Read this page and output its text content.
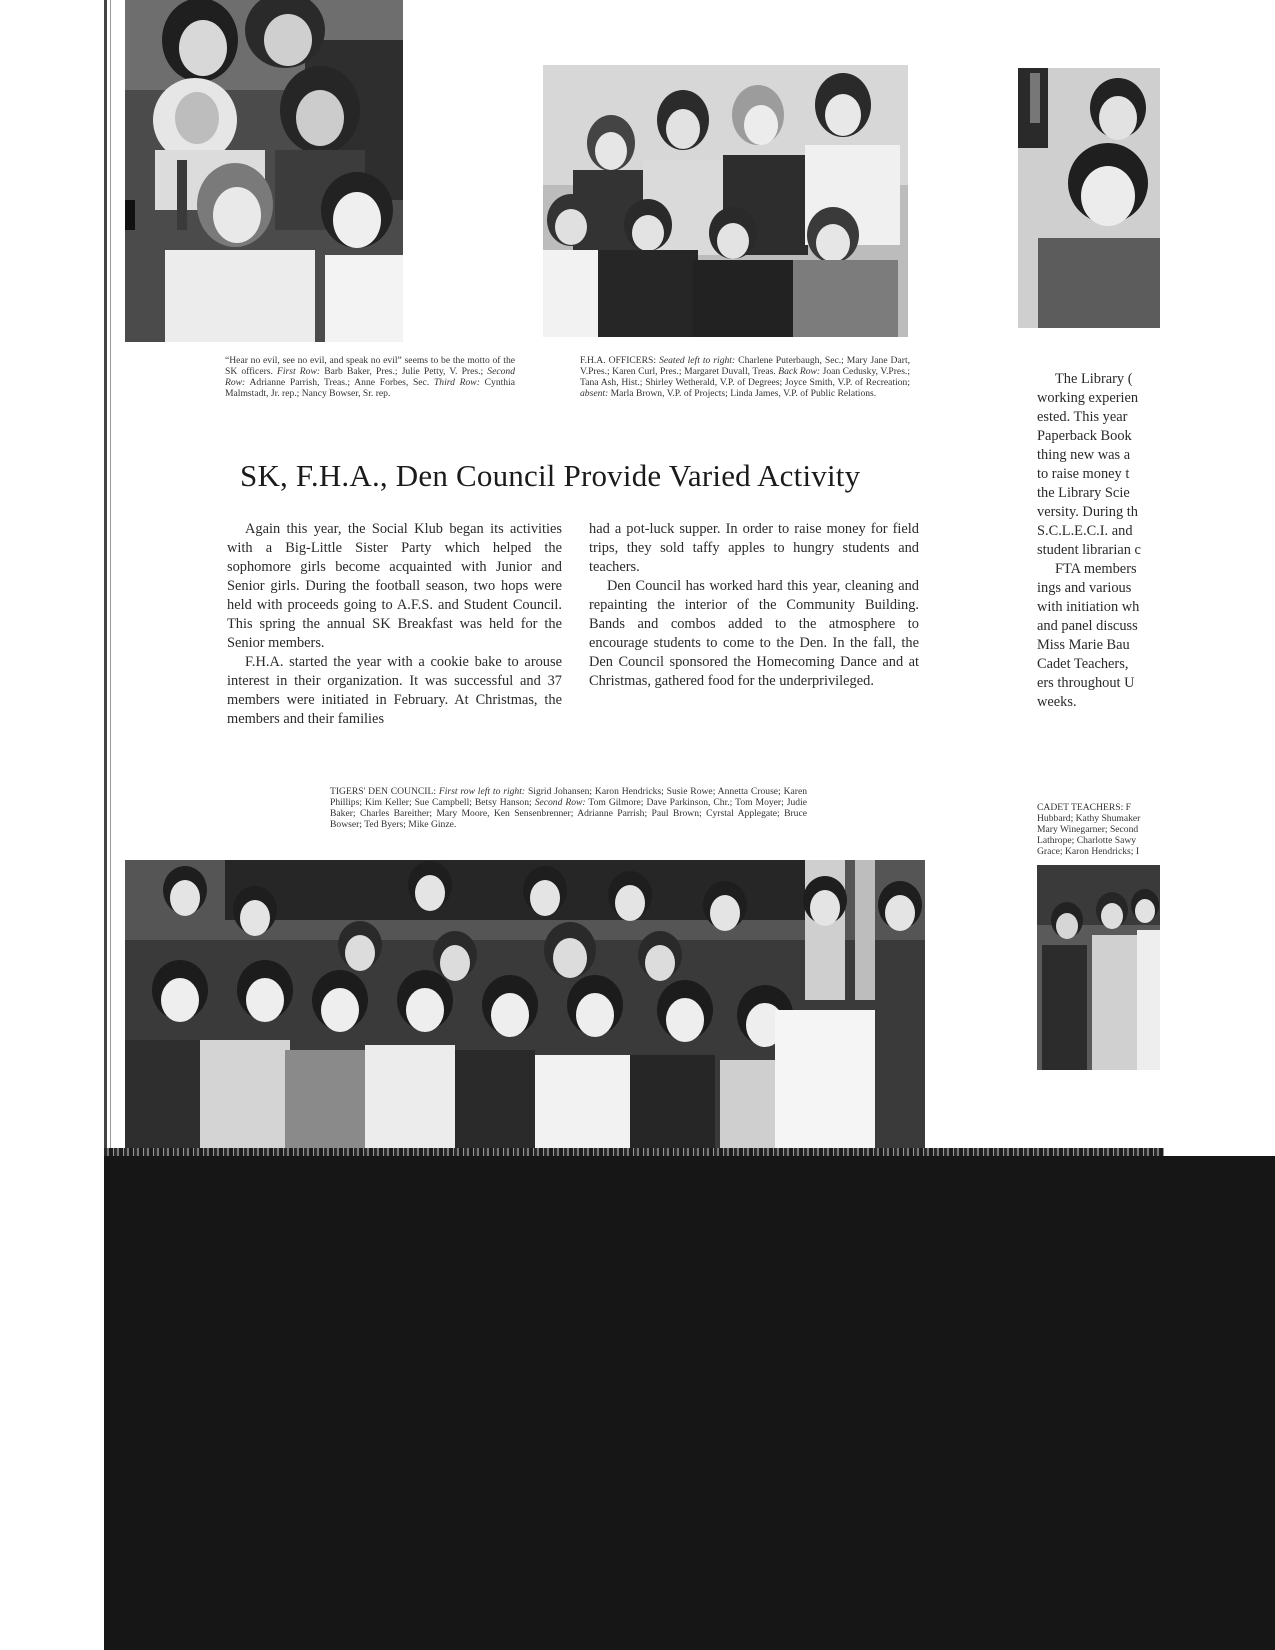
“Hear no evil, see no evil, and speak no evil” seems to be the motto of the SK officers. First Row: Barb Baker, Pres.; Julie Petty, V. Pres.; Second Row: Adrianne Parrish, Treas.; Anne Forbes, Sec. Third Row: Cynthia Malmstadt, Jr. rep.; Nancy Bowser, Sr. rep.
F.H.A. OFFICERS: Seated left to right: Charlene Puterbaugh, Sec.; Mary Jane Dart, V.Pres.; Karen Curl, Pres.; Margaret Duvall, Treas. Back Row: Joan Cedusky, V.Pres.; Tana Ash, Hist.; Shirley Wetherald, V.P. of Degrees; Joyce Smith, V.P. of Recreation; absent: Marla Brown, V.P. of Projects; Linda James, V.P. of Public Relations.
SK, F.H.A., Den Council Provide Varied Activity

Again this year, the Social Klub began its activities with a Big-Little Sister Party which helped the sophomore girls become acquainted with Junior and Senior girls. During the football season, two hops were held with proceeds going to A.F.S. and Student Council. This spring the annual SK Breakfast was held for the Senior members.

F.H.A. started the year with a cookie bake to arouse interest in their organization. It was successful and 37 members were initiated in February. At Christmas, the members and their families

had a pot-luck supper. In order to raise money for field trips, they sold taffy apples to hungry students and teachers.

Den Council has worked hard this year, cleaning and repainting the interior of the Community Building. Bands and combos added to the atmosphere to encourage students to come to the Den. In the fall, the Den Council sponsored the Homecoming Dance and at Christmas, gathered food for the underprivileged.

TIGERS' DEN COUNCIL: First row left to right: Sigrid Johansen; Karon Hendricks; Susie Rowe; Annetta Crouse; Karen Phillips; Kim Keller; Sue Campbell; Betsy Hanson; Second Row: Tom Gilmore; Dave Parkinson, Chr.; Tom Moyer; Judie Baker; Charles Bareither; Mary Moore, Ken Sensenbrenner; Adrianne Parrish; Paul Brown; Cyrstal Applegate; Bruce Bowser; Ted Byers; Mike Ginze.
The Library (
working experien
ested. This year
Paperback Book
thing new was a
to raise money t
the Library Scie
versity. During th
S.C.L.E.C.I. and
student librarian c
FTA members
ings and various
with initiation wh
and panel discuss
Miss Marie Bau
Cadet Teachers,
ers throughout U
weeks.
CADET TEACHERS: F
Hubbard; Kathy Shumaker
Mary Winegarner; Second
Lathrope; Charlotte Sawy
Grace; Karon Hendricks; I
